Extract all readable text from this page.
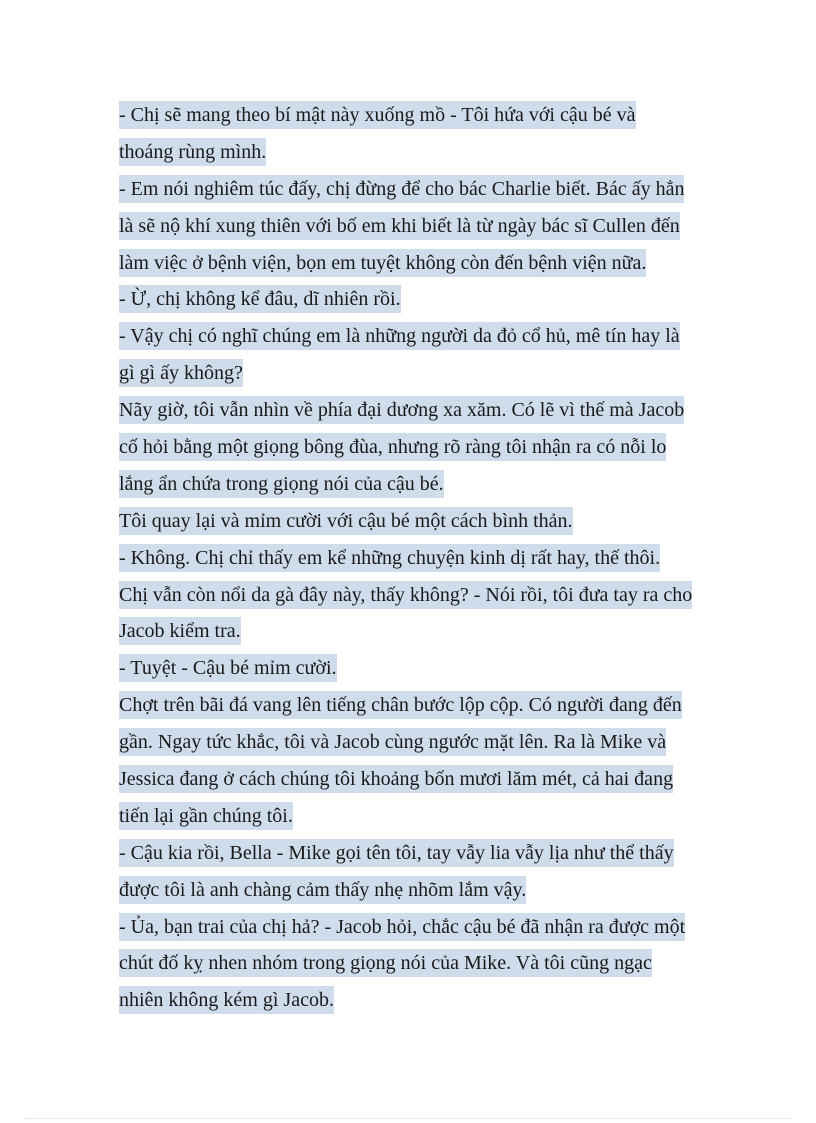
- Chị sẽ mang theo bí mật này xuống mồ - Tôi hứa với cậu bé và
thoáng rùng mình.
- Em nói nghiêm túc đấy, chị đừng để cho bác Charlie biết. Bác ấy hẳn
là sẽ nộ khí xung thiên với bố em khi biết là từ ngày bác sĩ Cullen đến
làm việc ở bệnh viện, bọn em tuyệt không còn đến bệnh viện nữa.
- Ừ, chị không kể đâu, dĩ nhiên rồi.
- Vậy chị có nghĩ chúng em là những người da đỏ cổ hủ, mê tín hay là
gì gì ấy không?
Nãy giờ, tôi vẫn nhìn về phía đại dương xa xăm. Có lẽ vì thế mà Jacob
cố hỏi bằng một giọng bông đùa, nhưng rõ ràng tôi nhận ra có nỗi lo
lắng ẩn chứa trong giọng nói của cậu bé.
Tôi quay lại và mỉm cười với cậu bé một cách bình thản.
- Không. Chị chỉ thấy em kể những chuyện kinh dị rất hay, thế thôi.
Chị vẫn còn nổi da gà đây này, thấy không? - Nói rồi, tôi đưa tay ra cho
Jacob kiểm tra.
- Tuyệt - Cậu bé mỉm cười.
Chợt trên bãi đá vang lên tiếng chân bước lộp cộp. Có người đang đến
gần. Ngay tức khắc, tôi và Jacob cùng ngước mặt lên. Ra là Mike và
Jessica đang ở cách chúng tôi khoảng bốn mươi lăm mét, cả hai đang
tiến lại gần chúng tôi.
- Cậu kia rồi, Bella - Mike gọi tên tôi, tay vẫy lia vẫy lịa như thể thấy
được tôi là anh chàng cảm thấy nhẹ nhõm lắm vậy.
- Ủa, bạn trai của chị hả? - Jacob hỏi, chắc cậu bé đã nhận ra được một
chút đố kỵ nhen nhóm trong giọng nói của Mike. Và tôi cũng ngạc
nhiên không kém gì Jacob.
